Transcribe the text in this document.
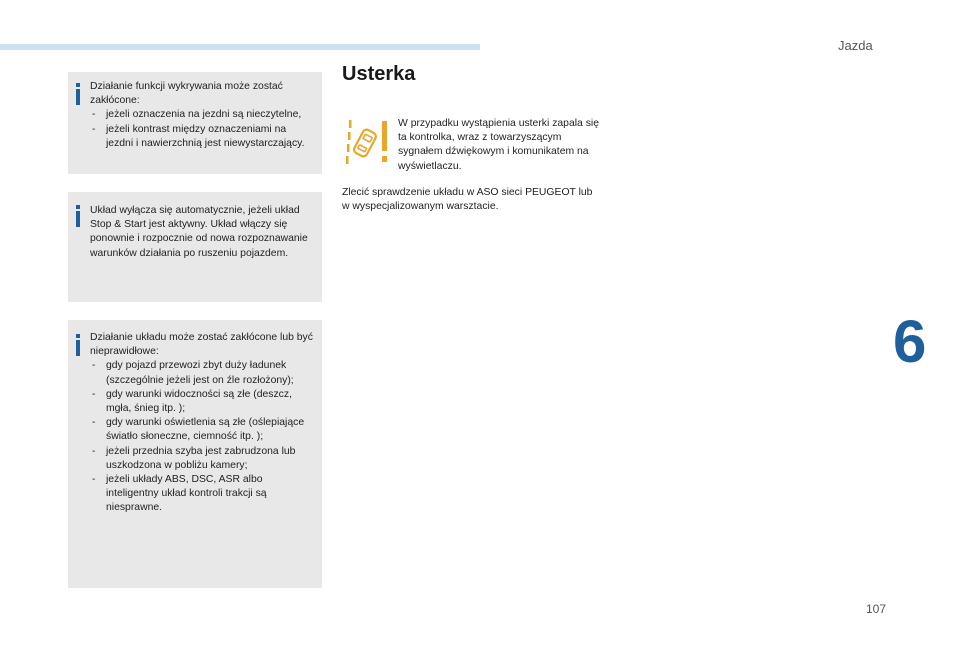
Jazda
6
107

Działanie funkcji wykrywania może zostać zakłócone:

- jeżeli oznaczenia na jezdni są nieczytelne,
- jeżeli kontrast między oznaczeniami na jezdni i nawierzchnią jest niewystarczający.

Układ wyłącza się automatycznie, jeżeli układ Stop & Start jest aktywny. Układ włączy się ponownie i rozpocznie od nowa rozpoznawanie warunków działania po ruszeniu pojazdem.

Działanie układu może zostać zakłócone lub być nieprawidłowe:

- gdy pojazd przewozi zbyt duży ładunek (szczególnie jeżeli jest on źle rozłożony);
- gdy warunki widoczności są złe (deszcz, mgła, śnieg itp. );
- gdy warunki oświetlenia są złe (oślepiające światło słoneczne, ciemność itp. );
- jeżeli przednia szyba jest zabrudzona lub uszkodzona w pobliżu kamery;
- jeżeli układy ABS, DSC, ASR albo inteligentny układ kontroli trakcji są niesprawne.
Usterka

W przypadku wystąpienia usterki zapala się ta kontrolka, wraz z towarzyszącym sygnałem dźwiękowym i komunikatem na wyświetlaczu.

Zlecić sprawdzenie układu w ASO sieci PEUGEOT lub w wyspecjalizowanym warsztacie.
